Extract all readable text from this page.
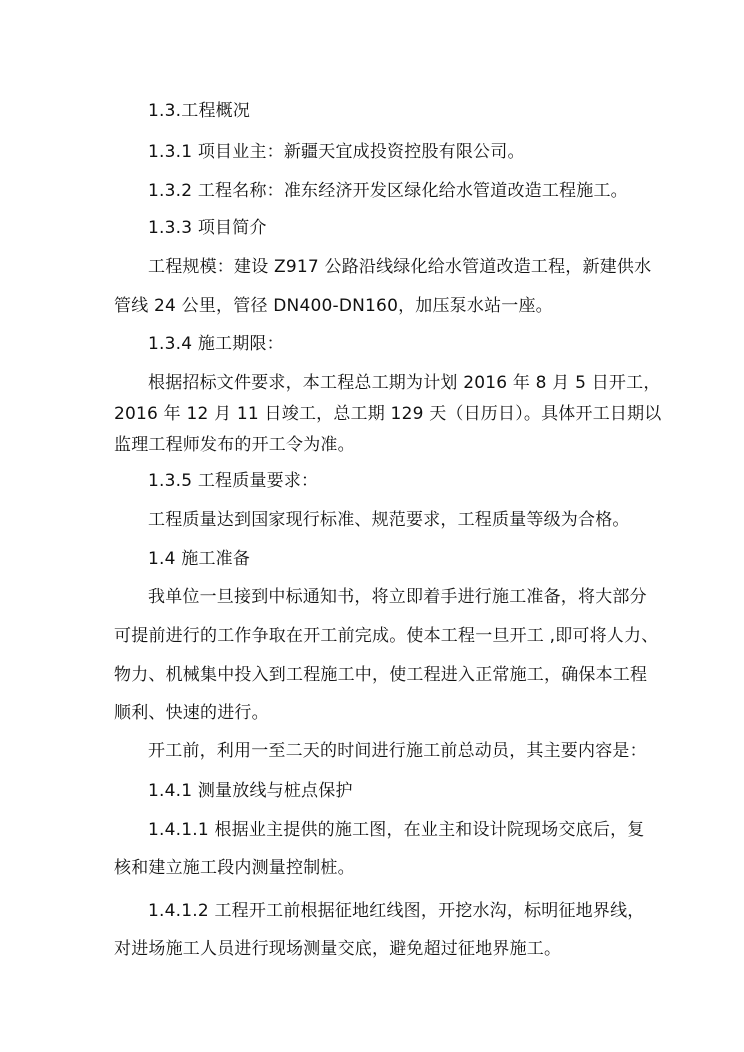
1.3.工程概况
1.3.1 项目业主：新疆天宜成投资控股有限公司。
1.3.2 工程名称：准东经济开发区绿化给水管道改造工程施工。
1.3.3 项目简介
工程规模：建设 Z917 公路沿线绿化给水管道改造工程，新建供水
管线 24 公里，管径 DN400-DN160，加压泵水站一座。
1.3.4 施工期限：
根据招标文件要求，本工程总工期为计划 2016 年 8 月 5 日开工，
2016 年 12 月 11 日竣工，总工期 129 天（日历日）。具体开工日期以
监理工程师发布的开工令为准。
1.3.5 工程质量要求：
工程质量达到国家现行标准、规范要求，工程质量等级为合格。
1.4 施工准备
我单位一旦接到中标通知书，将立即着手进行施工准备，将大部分
可提前进行的工作争取在开工前完成。使本工程一旦开工 ,即可将人力、
物力、机械集中投入到工程施工中，使工程进入正常施工，确保本工程
顺利、快速的进行。
开工前，利用一至二天的时间进行施工前总动员，其主要内容是：
1.4.1 测量放线与桩点保护
1.4.1.1 根据业主提供的施工图，在业主和设计院现场交底后，复
核和建立施工段内测量控制桩。
1.4.1.2 工程开工前根据征地红线图，开挖水沟，标明征地界线，
对进场施工人员进行现场测量交底，避免超过征地界施工。
